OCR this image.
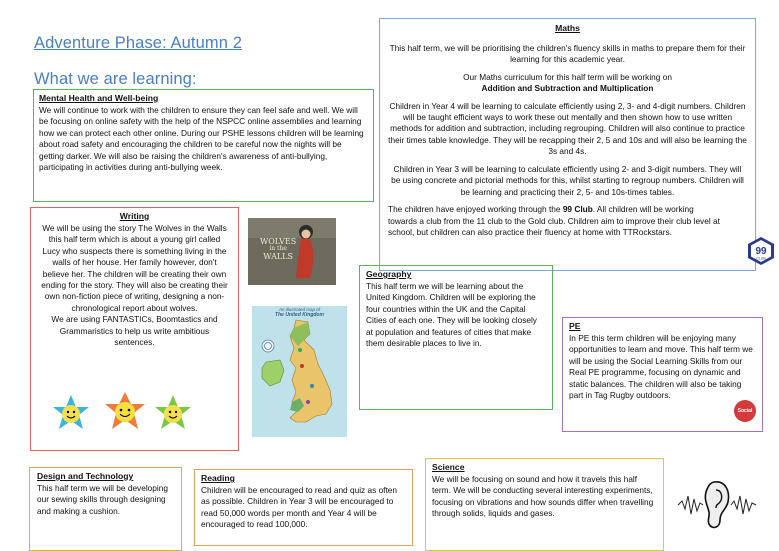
Adventure Phase: Autumn 2
What we are learning:
Mental Health and Well-being

We will continue to work with the children to ensure they can feel safe and well. We will be focusing on online safety with the help of the NSPCC online assemblies and learning how we can protect each other online. During our PSHE lessons children will be learning about road safety and encouraging the children to be careful now the nights will be getting darker. We will also be raising the children's awareness of anti-bullying, participating in activities during anti-bullying week.

Writing

We will be using the story The Wolves in the Walls this half term which is about a young girl called Lucy who suspects there is something living in the walls of her house. Her family however, don't believe her. The children will be creating their own ending for the story. They will also be creating their own non-fiction piece of writing, designing a non-chronological report about wolves.

We are using FANTASTICs, Boomtastics and Grammaristics to help us write ambitious sentences.

WOLVES
in the
WALLS
An illustrated map of
The United Kingdom
Maths

This half term, we will be prioritising the children's fluency skills in maths to prepare them for their learning for this academic year.

Our Maths curriculum for this half term will be working on

Addition and Subtraction and Multiplication

Children in Year 4 will be learning to calculate efficiently using 2, 3- and 4-digit numbers. Children will be taught efficient ways to work these out mentally and then shown how to use written methods for addition and subtraction, including regrouping. Children will also continue to practice their times table knowledge. They will be recapping their 2, 5 and 10s and will also be learning the 3s and 4s.

Children in Year 3 will be learning to calculate efficiently using 2- and 3-digit numbers. They will be using concrete and pictorial methods for this, whilst starting to regroup numbers. Children will be learning and practicing their 2, 5- and 10s-times tables.

The children have enjoyed working through the 99 Club. All children will be working towards a club from the 11 club to the Gold club. Children aim to improve their club level at school, but children can also practice their fluency at home with TTRockstars.

99
CLUB
Geography

This half term we will be learning about the United Kingdom. Children will be exploring the four countries within the UK and the Capital Cities of each one. They will be looking closely at population and features of cities that make them desirable places to live in.

PE

In PE this term children will be enjoying many opportunities to learn and move. This half term we will be using the Social Learning Skills from our Real PE programme, focusing on dynamic and static balances. The children will also be taking part in Tag Rugby outdoors.

Social
Design and Technology

This half term we will be developing our sewing skills through designing and making a cushion.

Reading

Children will be encouraged to read and quiz as often as possible. Children in Year 3 will be encouraged to read 50,000 words per month and Year 4 will be encouraged to read 100,000.

Science

We will be focusing on sound and how it travels this half term. We will be conducting several interesting experiments, focusing on vibrations and how sounds differ when travelling through solids, liquids and gases.
